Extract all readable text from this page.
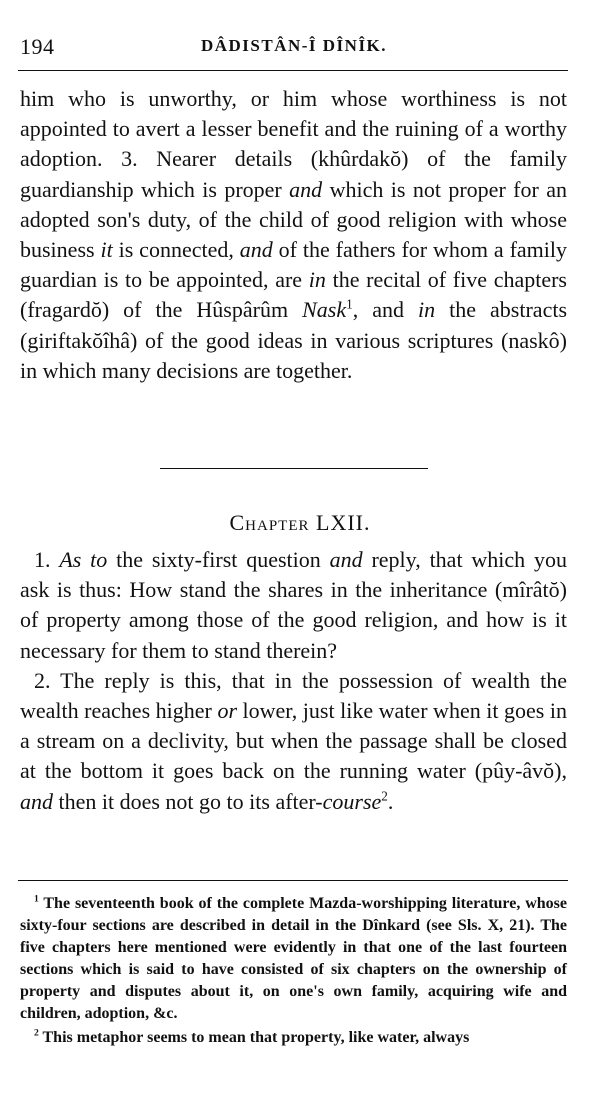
194	DÂDISTÂN-Î DÎNÎK.

him who is unworthy, or him whose worthiness is not appointed to avert a lesser benefit and the ruining of a worthy adoption. 3. Nearer details (khûrdakŏ) of the family guardianship which is proper and which is not proper for an adopted son's duty, of the child of good religion with whose business it is connected, and of the fathers for whom a family guardian is to be appointed, are in the recital of five chapters (fragardŏ) of the Hûspârûm Nask$^1$, and in the abstracts (giriftakŏîhâ) of the good ideas in various scriptures (naskô) in which many decisions are together.

Chapter LXII.

1. As to the sixty-first question and reply, that which you ask is thus: How stand the shares in the inheritance (mîrâtŏ) of property among those of the good religion, and how is it necessary for them to stand therein?

2. The reply is this, that in the possession of wealth the wealth reaches higher or lower, just like water when it goes in a stream on a declivity, but when the passage shall be closed at the bottom it goes back on the running water (pûy-âvŏ), and then it does not go to its after-course$^2$.

$^1$ The seventeenth book of the complete Mazda-worshipping literature, whose sixty-four sections are described in detail in the Dînkard (see Sls. X, 21). The five chapters here mentioned were evidently in that one of the last fourteen sections which is said to have consisted of six chapters on the ownership of property and disputes about it, on one's own family, acquiring wife and children, adoption, &c.

$^2$ This metaphor seems to mean that property, like water, always
